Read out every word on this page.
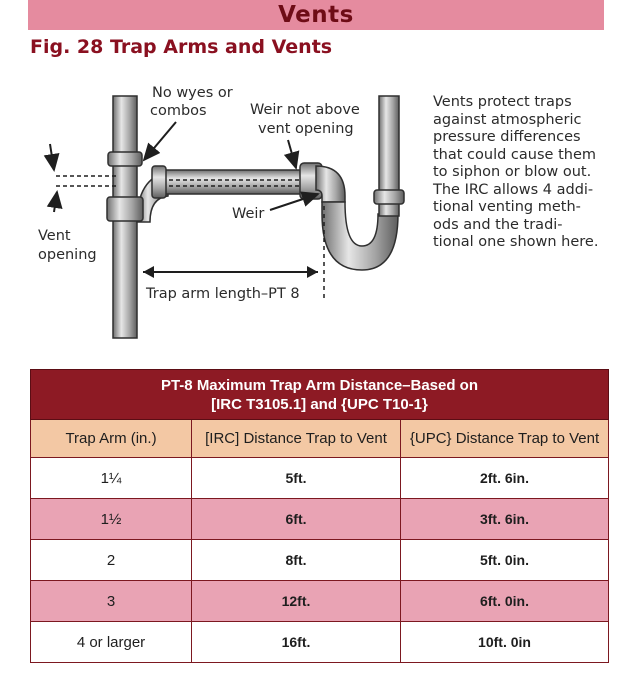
Vents
Fig. 28 Trap Arms and Vents
No wyes or
combos	Weir not above
vent opening
Weir
Vent
opening
Trap arm length–PT 8
Vents protect traps
against atmospheric
pressure differences
that could cause them
to siphon or blow out.
The IRC allows 4 addi-
tional venting meth-
ods and the tradi-
tional one shown here.
PT-8 Maximum Trap Arm Distance–Based on
[IRC T3105.1] and {UPC T10-1}		
Trap Arm (in.)	[IRC] Distance Trap to Vent	{UPC} Distance Trap to Vent
1¼	5ft.	2ft. 6in.
1½	6ft.	3ft. 6in.
2	8ft.	5ft. 0in.
3	12ft.	6ft. 0in.
4 or larger	16ft.	10ft. 0in
